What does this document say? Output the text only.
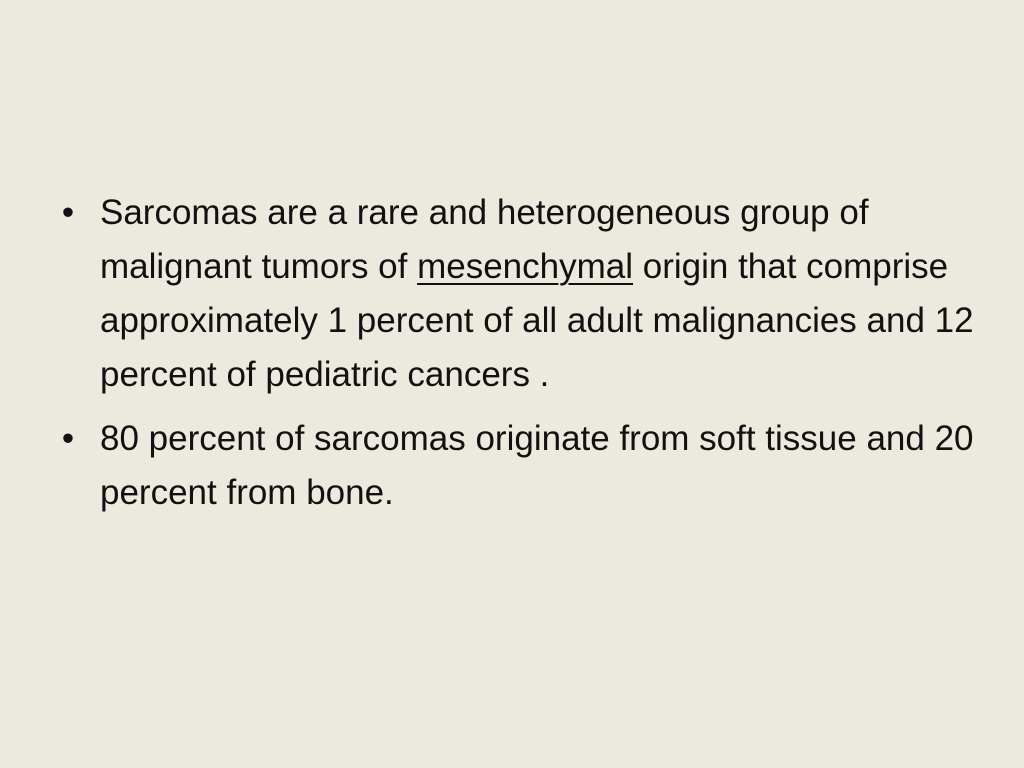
• Sarcomas are a rare and heterogeneous group of malignant tumors of mesenchymal origin that comprise approximately 1 percent of all adult malignancies and 12 percent of pediatric cancers .
• 80 percent of sarcomas originate from soft tissue and 20 percent from bone.
